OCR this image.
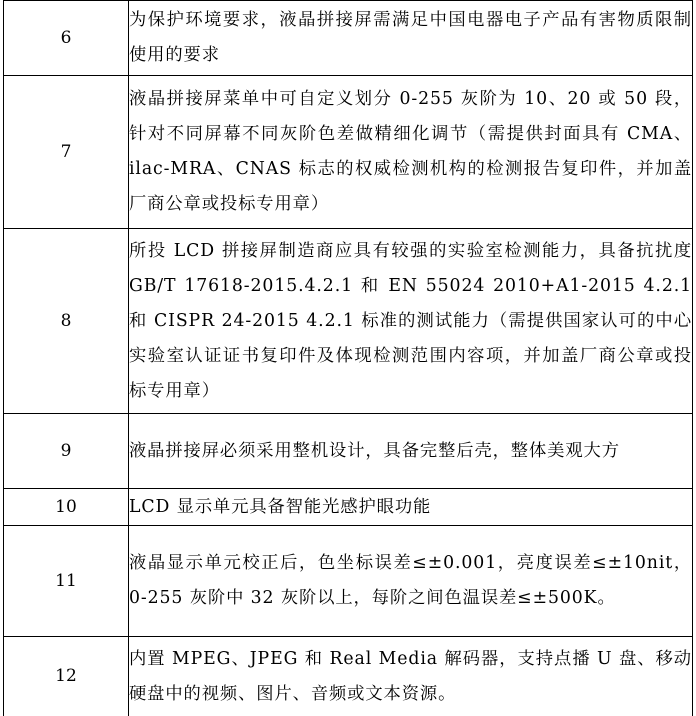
6	为保护环境要求，液晶拼接屏需满足中国电器电子产品有害物质限制使用的要求
7	液晶拼接屏菜单中可自定义划分 0-255 灰阶为 10、20 或 50 段，针对不同屏幕不同灰阶色差做精细化调节（需提供封面具有 CMA、ilac-MRA、CNAS 标志的权威检测机构的检测报告复印件，并加盖厂商公章或投标专用章）
8	所投 LCD 拼接屏制造商应具有较强的实验室检测能力，具备抗扰度 GB/T 17618-2015.4.2.1 和 EN 55024 2010+A1-2015 4.2.1 和 CISPR 24-2015 4.2.1 标准的测试能力（需提供国家认可的中心实验室认证证书复印件及体现检测范围内容项，并加盖厂商公章或投标专用章）
9	液晶拼接屏必须采用整机设计，具备完整后壳，整体美观大方
10	LCD 显示单元具备智能光感护眼功能
11	液晶显示单元校正后，色坐标误差≤±0.001，亮度误差≤±10nit，0-255 灰阶中 32 灰阶以上，每阶之间色温误差≤±500K。
12	内置 MPEG、JPEG 和 Real Media 解码器，支持点播 U 盘、移动硬盘中的视频、图片、音频或文本资源。
